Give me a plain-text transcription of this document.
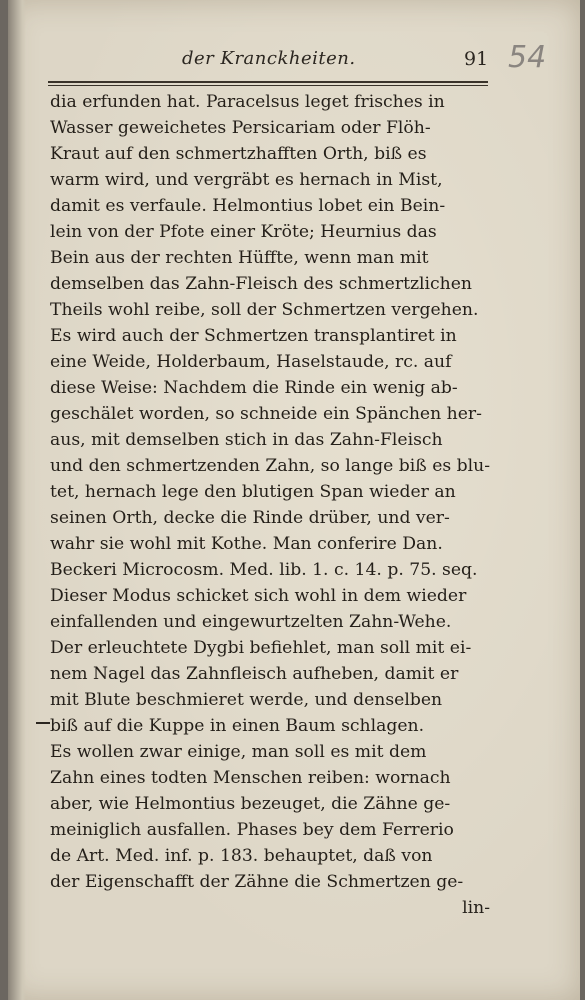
der Kranckheiten.	91 54
dia erfunden hat. Paracelsus leget frisches in
Wasser geweichetes Persicariam oder Flöh-
Kraut auf den schmertzhafften Orth, biß es
warm wird, und vergräbt es hernach in Mist,
damit es verfaule. Helmontius lobet ein Bein-
lein von der Pfote einer Kröte; Heurnius das
Bein aus der rechten Hüffte, wenn man mit
demselben das Zahn-Fleisch des schmertzlichen
Theils wohl reibe, soll der Schmertzen vergehen.
Es wird auch der Schmertzen transplantiret in
eine Weide, Holderbaum, Haselstaude, rc. auf
diese Weise: Nachdem die Rinde ein wenig ab-
geschälet worden, so schneide ein Spänchen her-
aus, mit demselben stich in das Zahn-Fleisch
und den schmertzenden Zahn, so lange biß es blu-
tet, hernach lege den blutigen Span wieder an
seinen Orth, decke die Rinde drüber, und ver-
wahr sie wohl mit Kothe. Man conferire Dan.
Beckeri Microcosm. Med. lib. 1. c. 14. p. 75. seq.
Dieser Modus schicket sich wohl in dem wieder
einfallenden und eingewurtzelten Zahn-Wehe.
Der erleuchtete Dygbi befiehlet, man soll mit ei-
nem Nagel das Zahnfleisch aufheben, damit er
mit Blute beschmieret werde, und denselben
biß auf die Kuppe in einen Baum schlagen.
Es wollen zwar einige, man soll es mit dem
Zahn eines todten Menschen reiben: wornach
aber, wie Helmontius bezeuget, die Zähne ge-
meiniglich ausfallen. Phases bey dem Ferrerio
de Art. Med. inf. p. 183. behauptet, daß von
der Eigenschafft der Zähne die Schmertzen ge-
lin-
